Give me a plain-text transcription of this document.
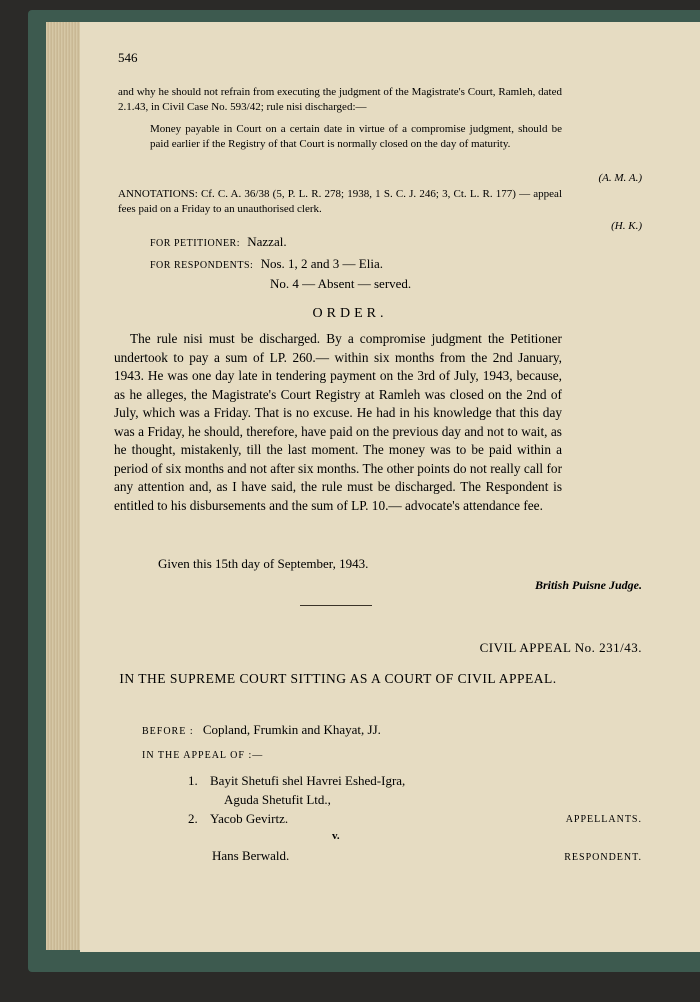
546
and why he should not refrain from executing the judgment of the Magistrate's Court, Ramleh, dated 2.1.43, in Civil Case No. 593/42; rule nisi discharged:—
Money payable in Court on a certain date in virtue of a compromise judgment, should be paid earlier if the Registry of that Court is normally closed on the day of maturity.
(A. M. A.)
ANNOTATIONS: Cf. C. A. 36/38 (5, P. L. R. 278; 1938, 1 S. C. J. 246; 3, Ct. L. R. 177) — appeal fees paid on a Friday to an unauthorised clerk.
(H. K.)
FOR PETITIONER: Nazzal.
FOR RESPONDENTS: Nos. 1, 2 and 3 — Elia.
No. 4 — Absent — served.
ORDER.

The rule nisi must be discharged. By a compromise judgment the Petitioner undertook to pay a sum of LP. 260.— within six months from the 2nd January, 1943. He was one day late in tendering payment on the 3rd of July, 1943, because, as he alleges, the Magistrate's Court Registry at Ramleh was closed on the 2nd of July, which was a Friday. That is no excuse. He had in his knowledge that this day was a Friday, he should, therefore, have paid on the previous day and not to wait, as he thought, mistakenly, till the last moment. The money was to be paid within a period of six months and not after six months. The other points do not really call for any attention and, as I have said, the rule must be discharged. The Respondent is entitled to his disbursements and the sum of LP. 10.— advocate's attendance fee.

Given this 15th day of September, 1943.
British Puisne Judge.
CIVIL APPEAL No. 231/43.
IN THE SUPREME COURT SITTING AS A COURT OF CIVIL APPEAL.
BEFORE : Copland, Frumkin and Khayat, JJ.
IN THE APPEAL OF :—
1. Bayit Shetufi shel Havrei Eshed-Igra,
Aguda Shetufit Ltd.,
2. Yacob Gevirtz.	APPELLANTS.
v.
Hans Berwald.	RESPONDENT.
